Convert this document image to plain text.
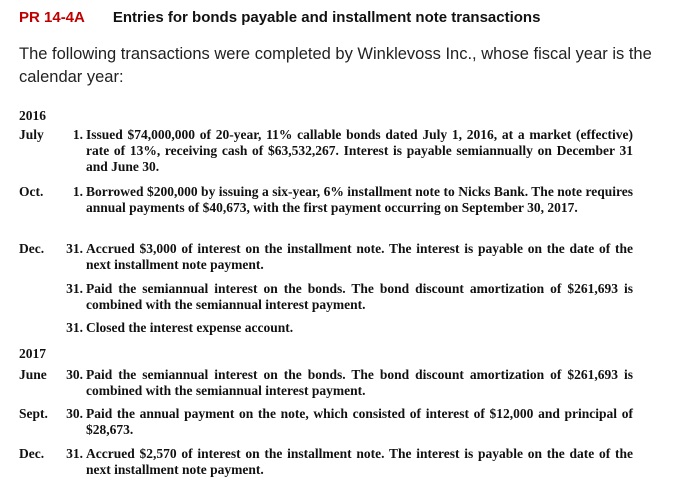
PR 14-4A Entries for bonds payable and installment note transactions
The following transactions were completed by Winklevoss Inc., whose fiscal year is the calendar year:
2016
July	1. Issued $74,000,000 of 20-year, 11% callable bonds dated July 1, 2016, at a market (effective) rate of 13%, receiving cash of $63,532,267. Interest is payable semiannually on December 31 and June 30.
Oct.	1. Borrowed $200,000 by issuing a six-year, 6% installment note to Nicks Bank. The note requires annual payments of $40,673, with the first payment occurring on September 30, 2017.
Dec.	31. Accrued $3,000 of interest on the installment note. The interest is payable on the date of the next installment note payment.
31. Paid the semiannual interest on the bonds. The bond discount amortization of $261,693 is combined with the semiannual interest payment.
31. Closed the interest expense account.
2017
June	30. Paid the semiannual interest on the bonds. The bond discount amortization of $261,693 is combined with the semiannual interest payment.
Sept.	30. Paid the annual payment on the note, which consisted of interest of $12,000 and principal of $28,673.
Dec.	31. Accrued $2,570 of interest on the installment note. The interest is payable on the date of the next installment note payment.
